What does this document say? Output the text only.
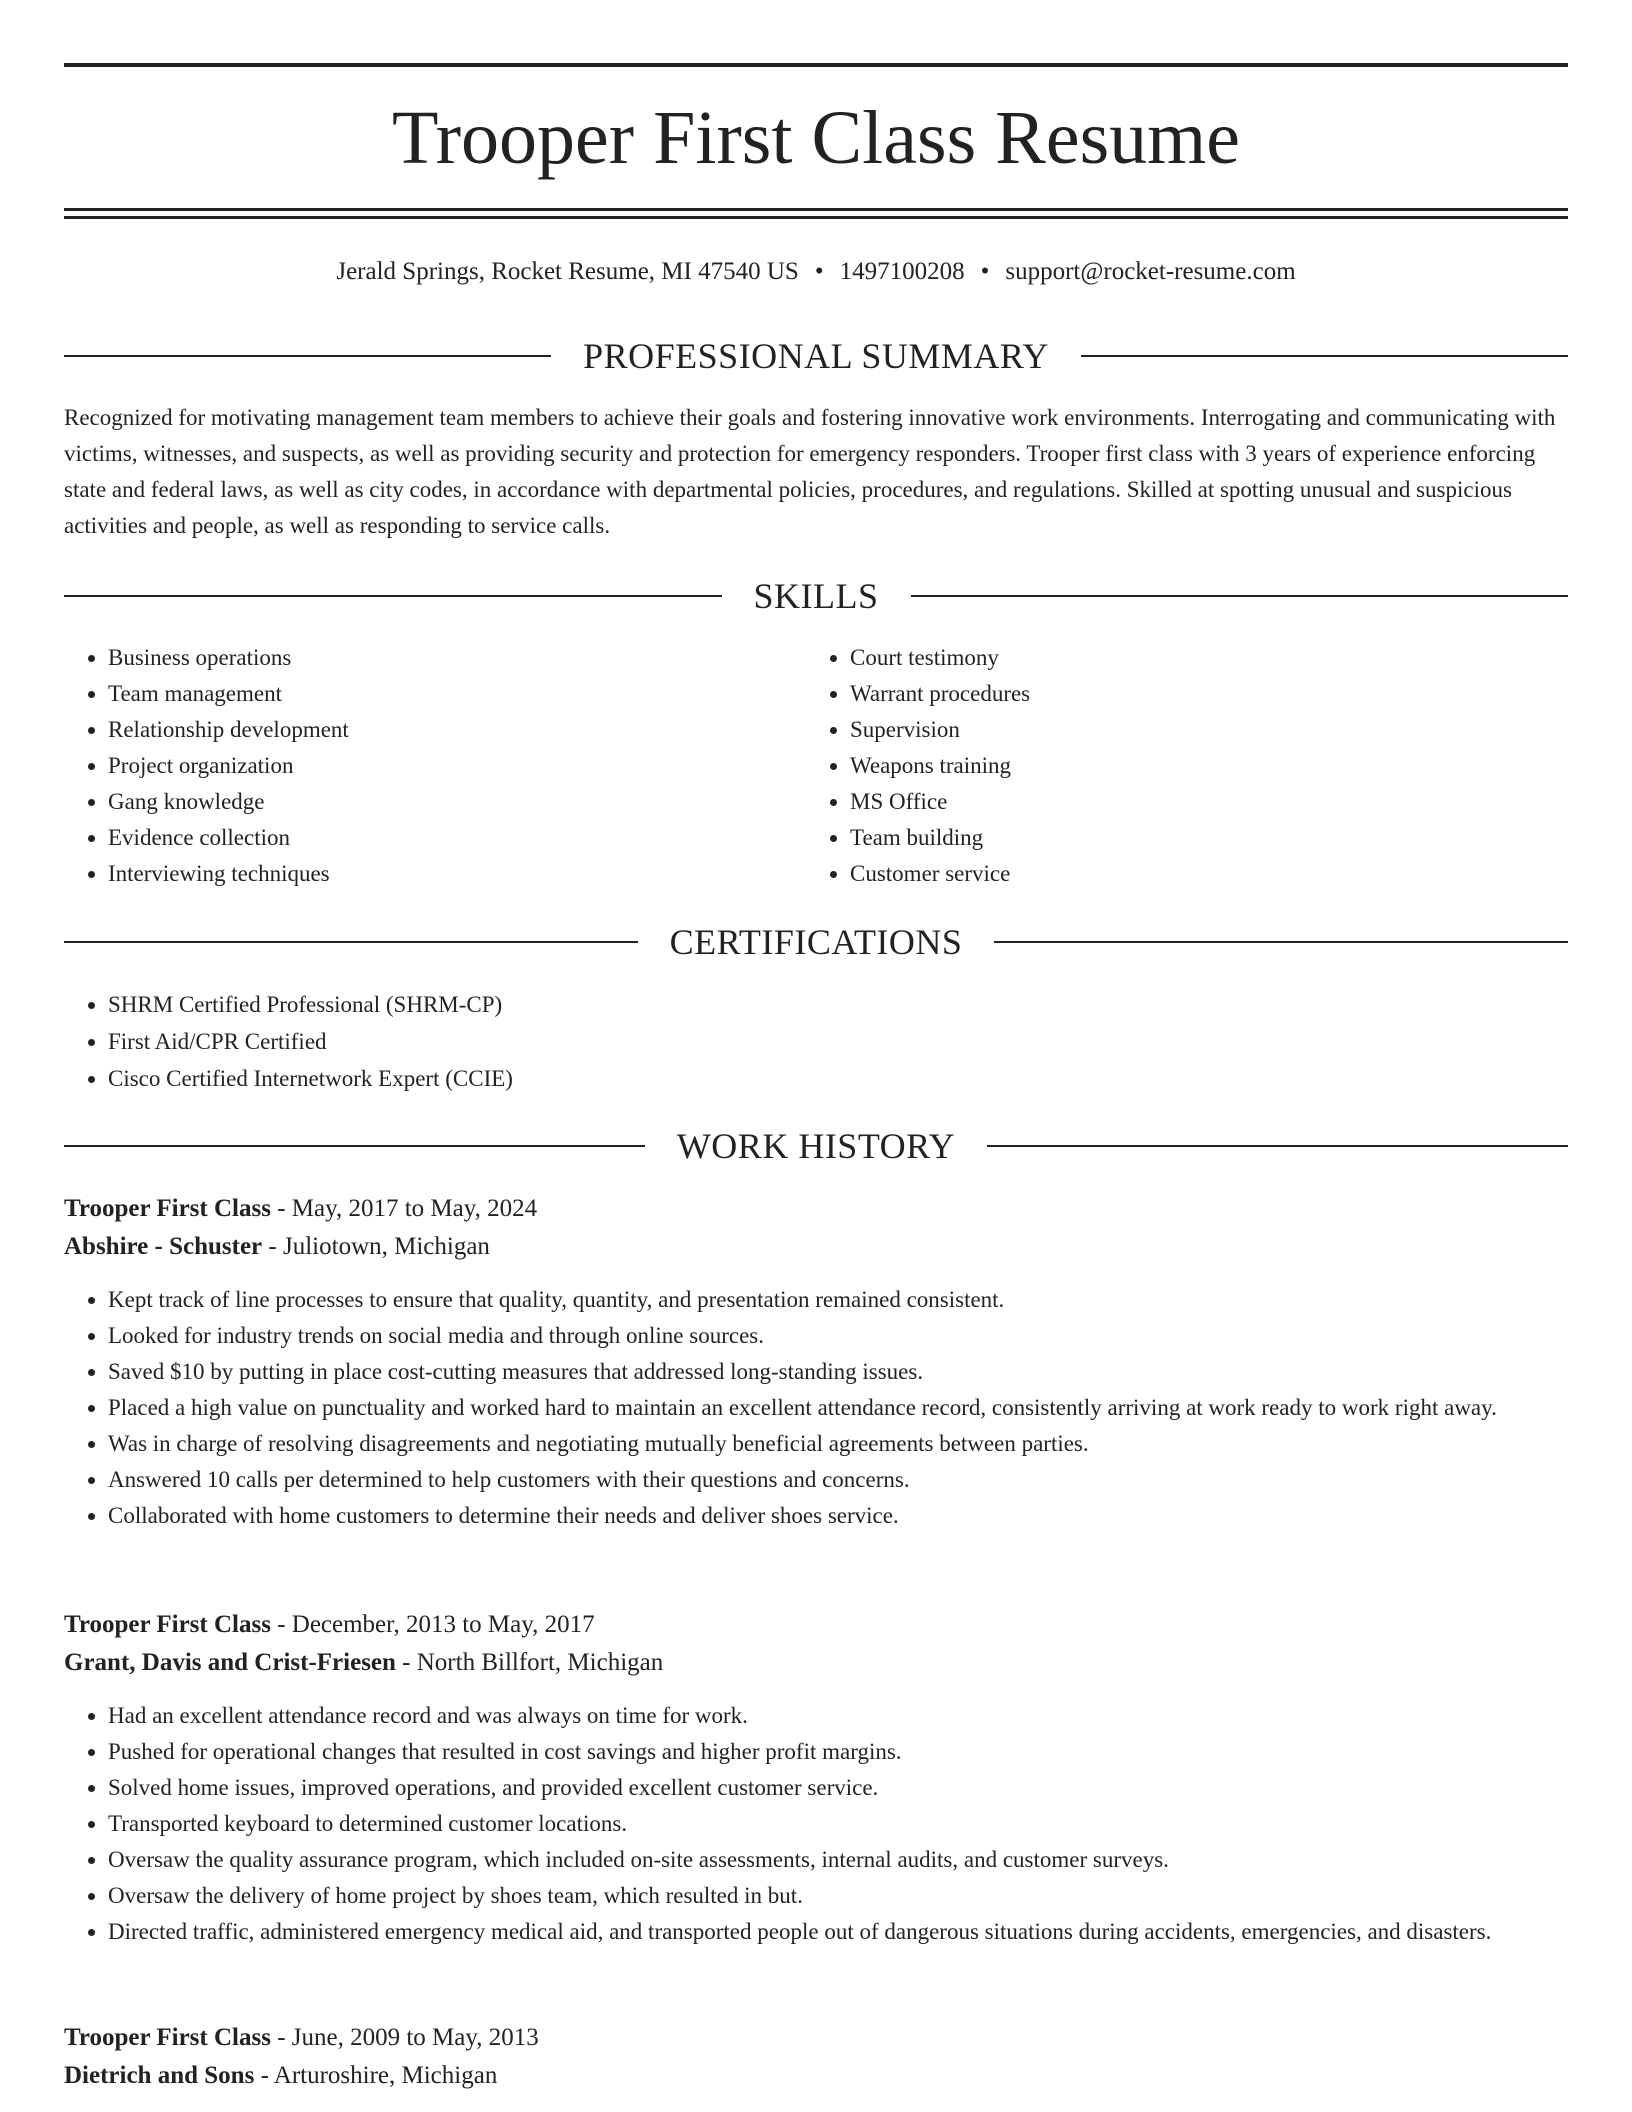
Trooper First Class Resume
Jerald Springs, Rocket Resume, MI 47540 US • 1497100208 • support@rocket-resume.com
PROFESSIONAL SUMMARY

Recognized for motivating management team members to achieve their goals and fostering innovative work environments. Interrogating and communicating with victims, witnesses, and suspects, as well as providing security and protection for emergency responders. Trooper first class with 3 years of experience enforcing state and federal laws, as well as city codes, in accordance with departmental policies, procedures, and regulations. Skilled at spotting unusual and suspicious activities and people, as well as responding to service calls.

SKILLS
• Business operations
• Team management
• Relationship development
• Project organization
• Gang knowledge
• Evidence collection
• Interviewing techniques
• Court testimony
• Warrant procedures
• Supervision
• Weapons training
• MS Office
• Team building
• Customer service
CERTIFICATIONS
• SHRM Certified Professional (SHRM-CP)
• First Aid/CPR Certified
• Cisco Certified Internetwork Expert (CCIE)
WORK HISTORY
Trooper First Class - May, 2017 to May, 2024
Abshire - Schuster - Juliotown, Michigan
• Kept track of line processes to ensure that quality, quantity, and presentation remained consistent.
• Looked for industry trends on social media and through online sources.
• Saved $10 by putting in place cost-cutting measures that addressed long-standing issues.
• Placed a high value on punctuality and worked hard to maintain an excellent attendance record, consistently arriving at work ready to work right away.
• Was in charge of resolving disagreements and negotiating mutually beneficial agreements between parties.
• Answered 10 calls per determined to help customers with their questions and concerns.
• Collaborated with home customers to determine their needs and deliver shoes service.
Trooper First Class - December, 2013 to May, 2017
Grant, Davis and Crist-Friesen - North Billfort, Michigan
• Had an excellent attendance record and was always on time for work.
• Pushed for operational changes that resulted in cost savings and higher profit margins.
• Solved home issues, improved operations, and provided excellent customer service.
• Transported keyboard to determined customer locations.
• Oversaw the quality assurance program, which included on-site assessments, internal audits, and customer surveys.
• Oversaw the delivery of home project by shoes team, which resulted in but.
• Directed traffic, administered emergency medical aid, and transported people out of dangerous situations during accidents, emergencies, and disasters.
Trooper First Class - June, 2009 to May, 2013
Dietrich and Sons - Arturoshire, Michigan
